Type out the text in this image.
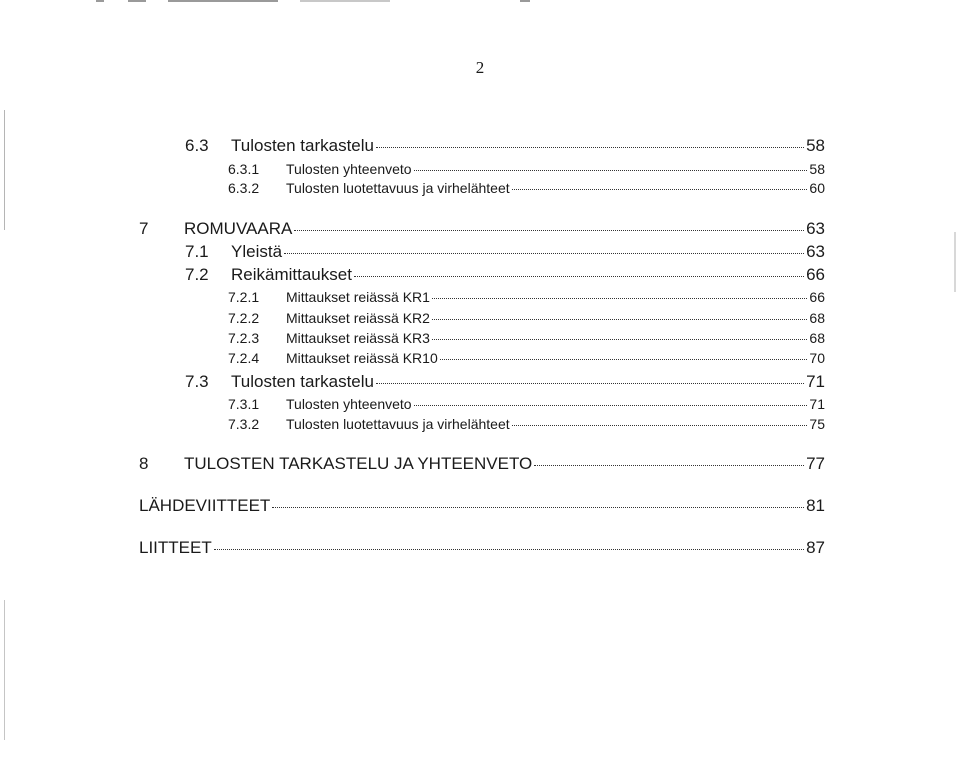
2
6.3	Tulosten tarkastelu	58
6.3.1	Tulosten yhteenveto	58
6.3.2	Tulosten luotettavuus ja virhelähteet	60
7	ROMUVAARA	63
7.1	Yleistä	63
7.2	Reikämittaukset	66
7.2.1	Mittaukset reiässä KR1	66
7.2.2	Mittaukset reiässä KR2	68
7.2.3	Mittaukset reiässä KR3	68
7.2.4	Mittaukset reiässä KR10	70
7.3	Tulosten tarkastelu	71
7.3.1	Tulosten yhteenveto	71
7.3.2	Tulosten luotettavuus ja virhelähteet	75
8	TULOSTEN TARKASTELU JA YHTEENVETO	77
LÄHDEVIITTEET	81
LIITTEET	87
